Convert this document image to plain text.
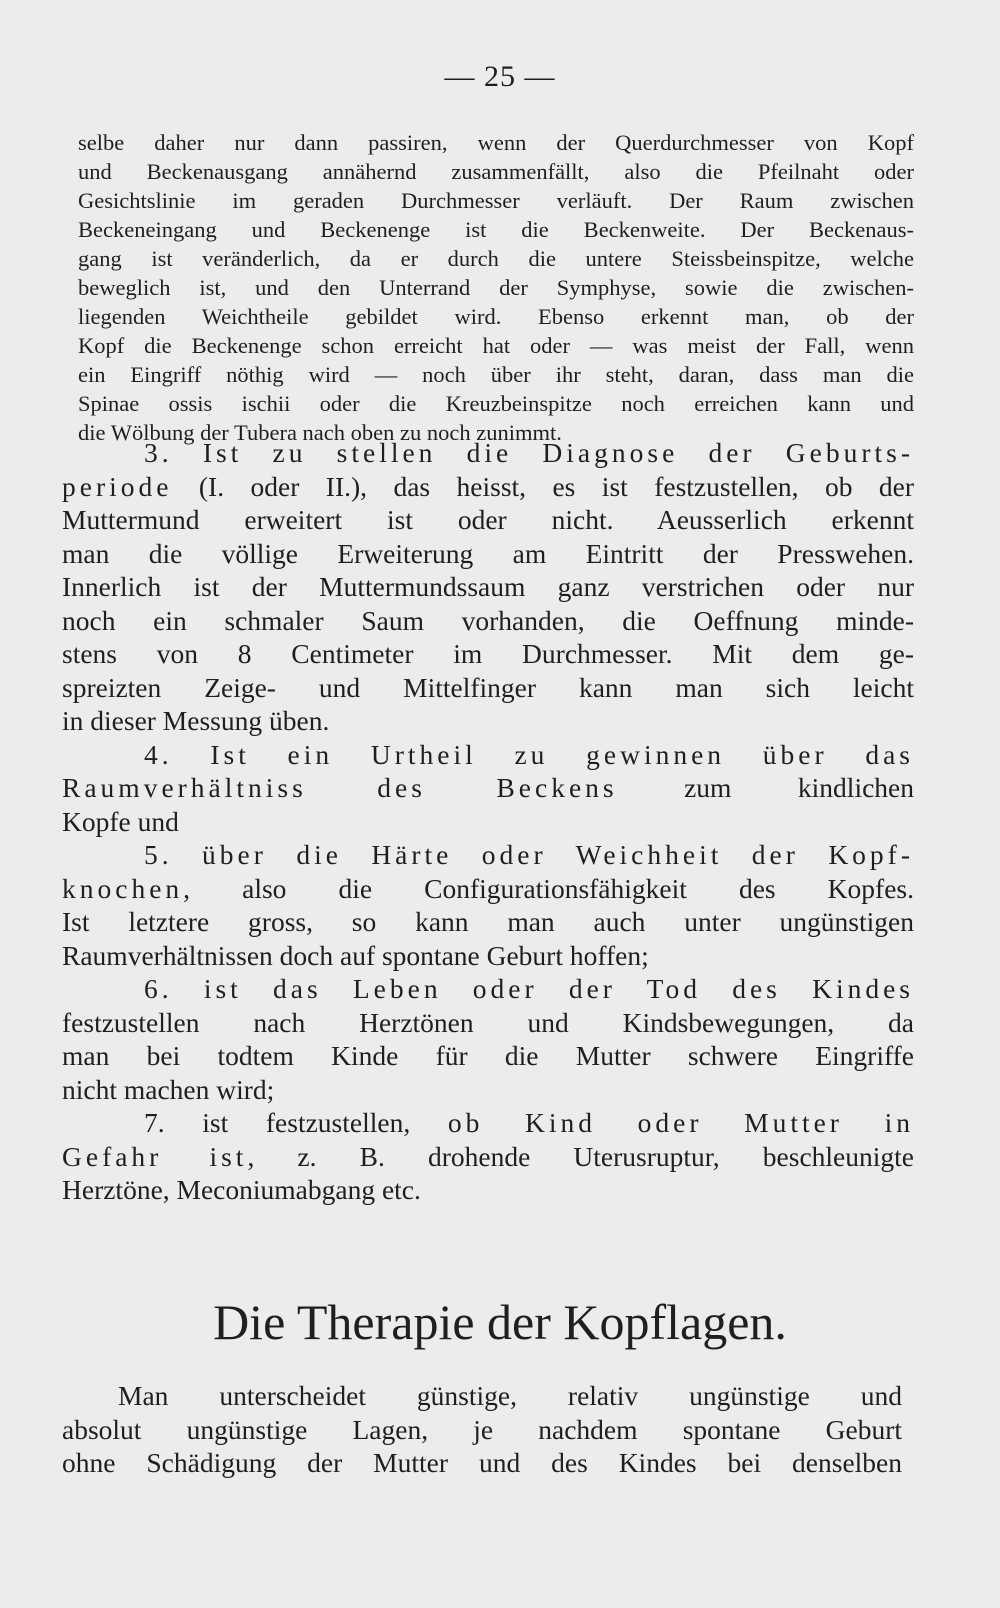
— 25 —
selbe daher nur dann passiren, wenn der Querdurchmesser von Kopf
und Beckenausgang annähernd zusammenfällt, also die Pfeilnaht oder
Gesichtslinie im geraden Durchmesser verläuft. Der Raum zwischen
Beckeneingang und Beckenenge ist die Beckenweite. Der Beckenaus-
gang ist veränderlich, da er durch die untere Steissbeinspitze, welche
beweglich ist, und den Unterrand der Symphyse, sowie die zwischen-
liegenden Weichtheile gebildet wird. Ebenso erkennt man, ob der
Kopf die Beckenenge schon erreicht hat oder — was meist der Fall, wenn
ein Eingriff nöthig wird — noch über ihr steht, daran, dass man die
Spinae ossis ischii oder die Kreuzbeinspitze noch erreichen kann und
die Wölbung der Tubera nach oben zu noch zunimmt.
3. Ist zu stellen die Diagnose der Geburts-
periode (I. oder II.), das heisst, es ist festzustellen, ob der
Muttermund erweitert ist oder nicht. Aeusserlich erkennt
man die völlige Erweiterung am Eintritt der Presswehen.
Innerlich ist der Muttermundssaum ganz verstrichen oder nur
noch ein schmaler Saum vorhanden, die Oeffnung minde-
stens von 8 Centimeter im Durchmesser. Mit dem ge-
spreizten Zeige- und Mittelfinger kann man sich leicht
in dieser Messung üben.
4. Ist ein Urtheil zu gewinnen über das
Raumverhältniss des Beckens zum kindlichen
Kopfe und
5. über die Härte oder Weichheit der Kopf-
knochen, also die Configurationsfähigkeit des Kopfes.
Ist letztere gross, so kann man auch unter ungünstigen
Raumverhältnissen doch auf spontane Geburt hoffen;
6. ist das Leben oder der Tod des Kindes
festzustellen nach Herztönen und Kindsbewegungen, da
man bei todtem Kinde für die Mutter schwere Eingriffe
nicht machen wird;
7. ist festzustellen, ob Kind oder Mutter in
Gefahr ist, z. B. drohende Uterusruptur, beschleunigte
Herztöne, Meconiumabgang etc.
Die Therapie der Kopflagen.
Man unterscheidet günstige, relativ ungünstige und
absolut ungünstige Lagen, je nachdem spontane Geburt
ohne Schädigung der Mutter und des Kindes bei denselben
